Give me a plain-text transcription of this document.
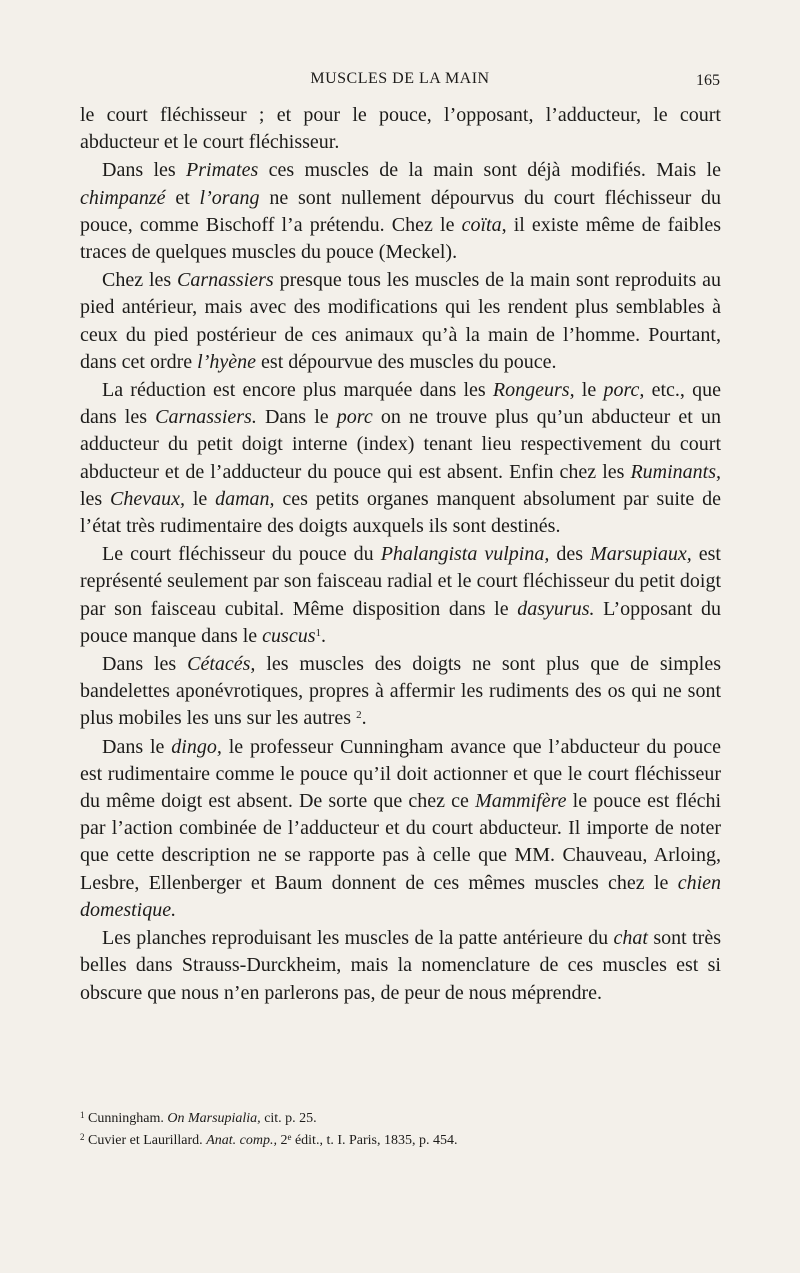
MUSCLES DE LA MAIN	165

le court fléchisseur ; et pour le pouce, l’opposant, l’adducteur, le court abducteur et le court fléchisseur.

Dans les Primates ces muscles de la main sont déjà modifiés. Mais le chimpanzé et l’orang ne sont nullement dépourvus du court fléchisseur du pouce, comme Bischoff l’a prétendu. Chez le coïta, il existe même de faibles traces de quelques muscles du pouce (Meckel).

Chez les Carnassiers presque tous les muscles de la main sont reproduits au pied antérieur, mais avec des modifications qui les rendent plus semblables à ceux du pied postérieur de ces animaux qu’à la main de l’homme. Pourtant, dans cet ordre l’hyène est dépourvue des muscles du pouce.

La réduction est encore plus marquée dans les Rongeurs, le porc, etc., que dans les Carnassiers. Dans le porc on ne trouve plus qu’un abducteur et un adducteur du petit doigt interne (index) tenant lieu respectivement du court abducteur et de l’adducteur du pouce qui est absent. Enfin chez les Ruminants, les Chevaux, le daman, ces petits organes manquent absolument par suite de l’état très rudimentaire des doigts auxquels ils sont destinés.

Le court fléchisseur du pouce du Phalangista vulpina, des Marsupiaux, est représenté seulement par son faisceau radial et le court fléchisseur du petit doigt par son faisceau cubital. Même disposition dans le dasyurus. L’opposant du pouce manque dans le cuscus$^1$.

Dans les Cétacés, les muscles des doigts ne sont plus que de simples bandelettes aponévrotiques, propres à affermir les rudiments des os qui ne sont plus mobiles les uns sur les autres $^2$.

Dans le dingo, le professeur Cunningham avance que l’abducteur du pouce est rudimentaire comme le pouce qu’il doit actionner et que le court fléchisseur du même doigt est absent. De sorte que chez ce Mammifère le pouce est fléchi par l’action combinée de l’adducteur et du court abducteur. Il importe de noter que cette description ne se rapporte pas à celle que MM. Chauveau, Arloing, Lesbre, Ellenberger et Baum donnent de ces mêmes muscles chez le chien domestique.

Les planches reproduisant les muscles de la patte antérieure du chat sont très belles dans Strauss-Durckheim, mais la nomenclature de ces muscles est si obscure que nous n’en parlerons pas, de peur de nous méprendre.

$^1$ Cunningham. On Marsupialia, cit. p. 25.

$^2$ Cuvier et Laurillard. Anat. comp., 2e édit., t. I. Paris, 1835, p. 454.
